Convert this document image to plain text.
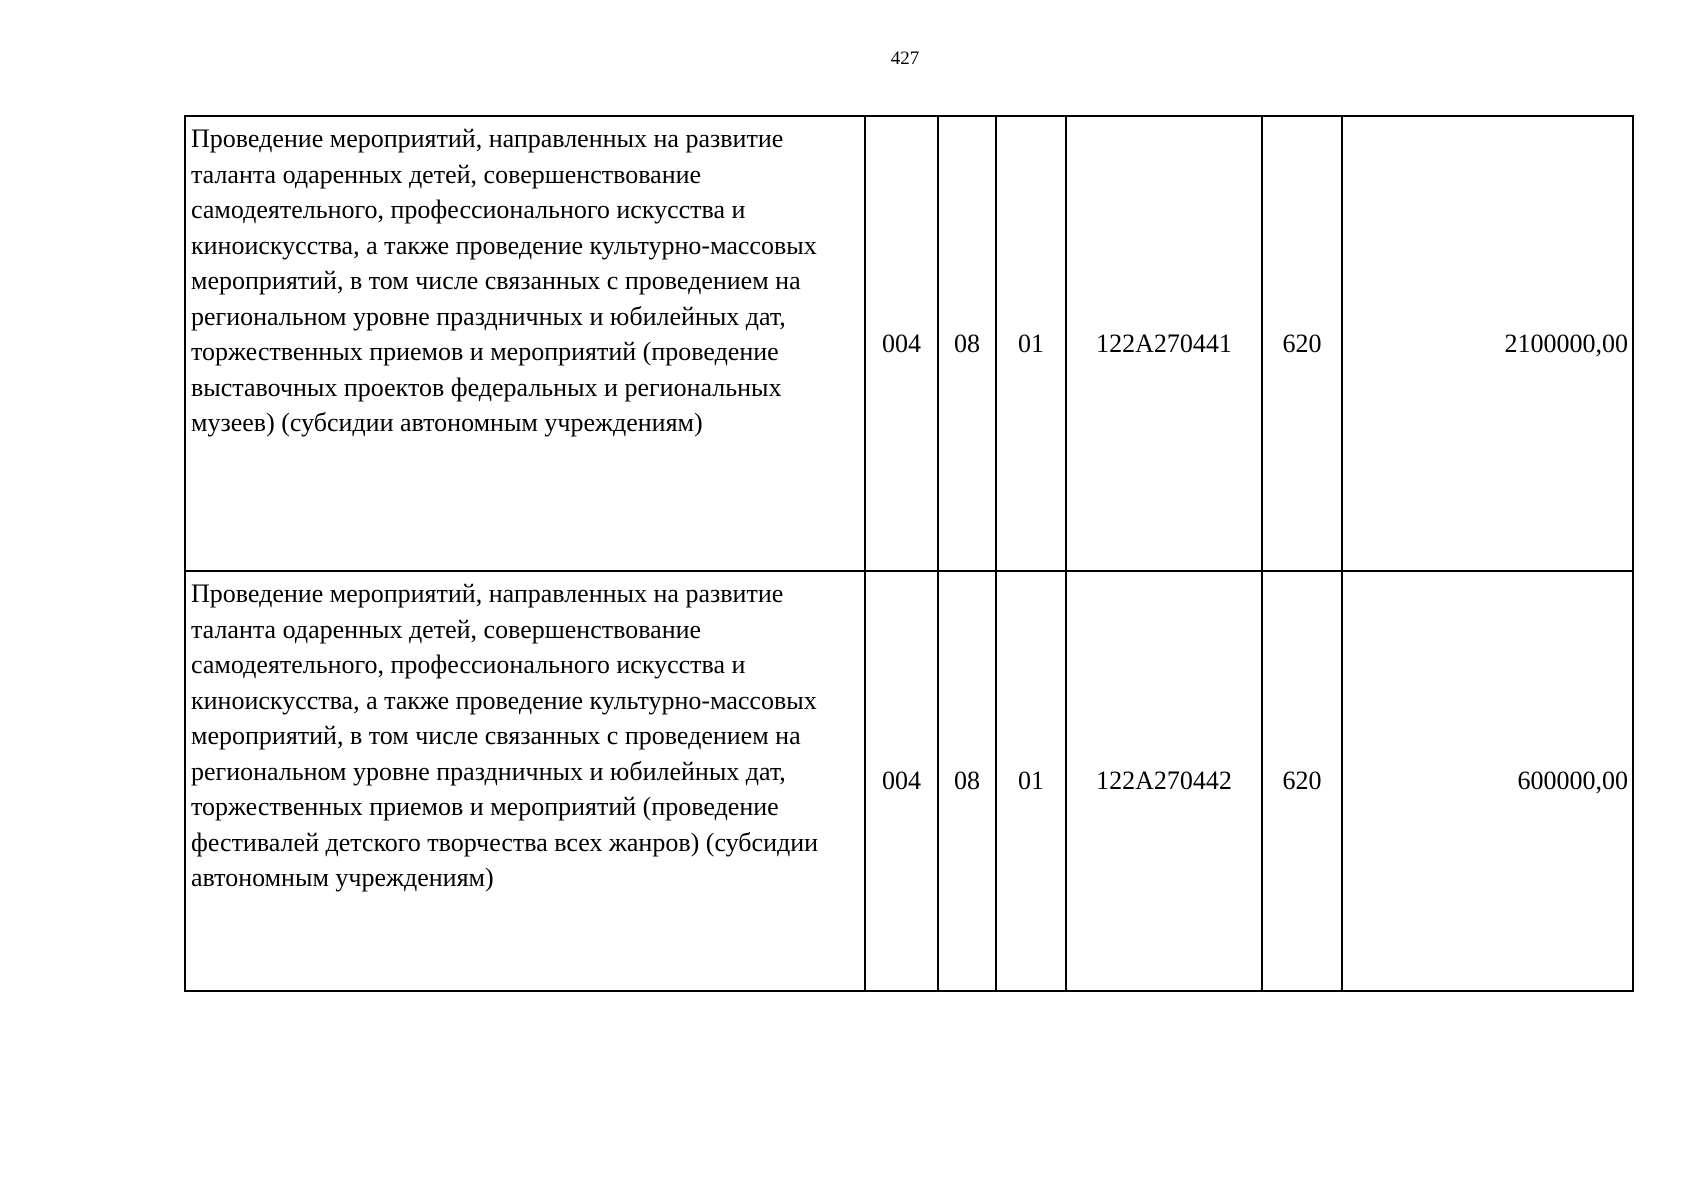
427
Проведение мероприятий, направленных на развитие таланта одаренных детей, совершенствование самодеятельного, профессионального искусства и киноискусства, а также проведение культурно-массовых мероприятий, в том числе связанных с проведением на региональном уровне праздничных и юбилейных дат, торжественных приемов и мероприятий (проведение выставочных проектов федеральных и региональных музеев) (субсидии автономным учреждениям)	004	08	01	122A270441	620	2100000,00
Проведение мероприятий, направленных на развитие таланта одаренных детей, совершенствование самодеятельного, профессионального искусства и киноискусства, а также проведение культурно-массовых мероприятий, в том числе связанных с проведением на региональном уровне праздничных и юбилейных дат, торжественных приемов и мероприятий (проведение фестивалей детского творчества всех жанров) (субсидии автономным учреждениям)	004	08	01	122A270442	620	600000,00
